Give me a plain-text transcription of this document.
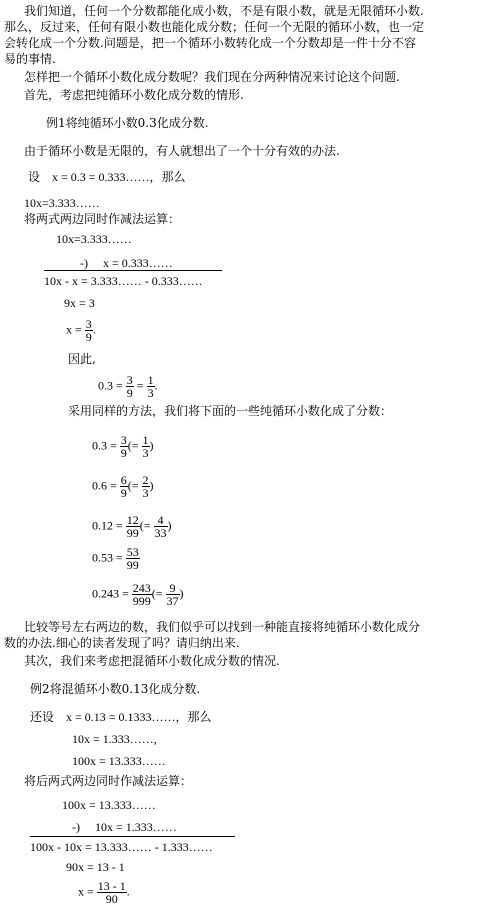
我们知道，任何一个分数都能化成小数，不是有限小数，就是无限循环小数.
那么，反过来，任何有限小数也能化成分数；任何一个无限的循环小数，也一定
会转化成一个分数.问题是，把一个循环小数转化成一个分数却是一件十分不容
易的事情.
怎样把一个循环小数化成分数呢？我们现在分两种情况来讨论这个问题.
首先，考虑把纯循环小数化成分数的情形.
例1将纯循环小数0.3化成分数.
由于循环小数是无限的，有人就想出了一个十分有效的办法.
设　x = 0.3 = 0.333……，那么
10x=3.333……
将两式两边同时作减法运算：
10x=3.333……
-)　 x = 0.333……
10x - x = 3.333…… - 0.333……
9x = 3
$x = \frac{3}{9}$ .
因此,
$0.3 = \frac{3}{9} = \frac{1}{3}$ .
采用同样的方法，我们将下面的一些纯循环小数化成了分数：
$0.3 = \frac{3}{9}$ (= $\frac{1}{3}$ )
$0.6 = \frac{6}{9}$ (= $\frac{2}{3}$ )
$0.12 = \frac{12}{99}$ (= $\frac{4}{33}$ )
$0.53 = \frac{53}{99}$
$0.243 = \frac{243}{999}$ (= $\frac{9}{37}$ )
比较等号左右两边的数，我们似乎可以找到一种能直接将纯循环小数化成分
数的办法.细心的读者发现了吗？请归纳出来.
其次，我们来考虑把混循环小数化成分数的情况.
例2将混循环小数0.13化成分数.
还设　x = 0.13 = 0.1333……，那么
10x = 1.333……,
100x = 13.333……
将后两式两边同时作减法运算：
100x = 13.333……
-)　 10x = 1.333……
100x - 10x = 13.333…… - 1.333……
90x = 13 - 1
$x = \frac{13 - 1}{90}$ .
